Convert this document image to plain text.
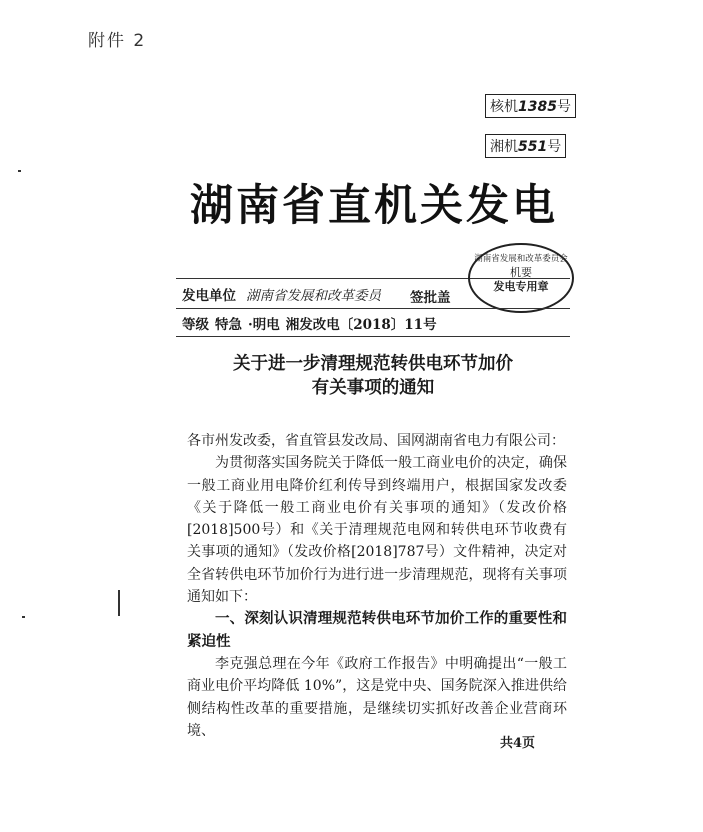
附件 2
核机1385号
湘机551号
湖南省直机关发电
发电单位 湖南省发展和改革委员 签批盖
湖南省发展和改革委员会
机要
发电专用章
等级 特急 ·明电 湘发改电〔2018〕11号
关于进一步清理规范转供电环节加价
有关事项的通知

各市州发改委，省直管县发改局、国网湖南省电力有限公司：

为贯彻落实国务院关于降低一般工商业电价的决定，确保一般工商业用电降价红利传导到终端用户，根据国家发改委《关于降低一般工商业电价有关事项的通知》（发改价格[2018]500号）和《关于清理规范电网和转供电环节收费有关事项的通知》（发改价格[2018]787号）文件精神，决定对全省转供电环节加价行为进行进一步清理规范，现将有关事项通知如下：

一、深刻认识清理规范转供电环节加价工作的重要性和紧迫性

李克强总理在今年《政府工作报告》中明确提出“一般工商业电价平均降低 10%”，这是党中央、国务院深入推进供给侧结构性改革的重要措施，是继续切实抓好改善企业营商环境、

共4页
